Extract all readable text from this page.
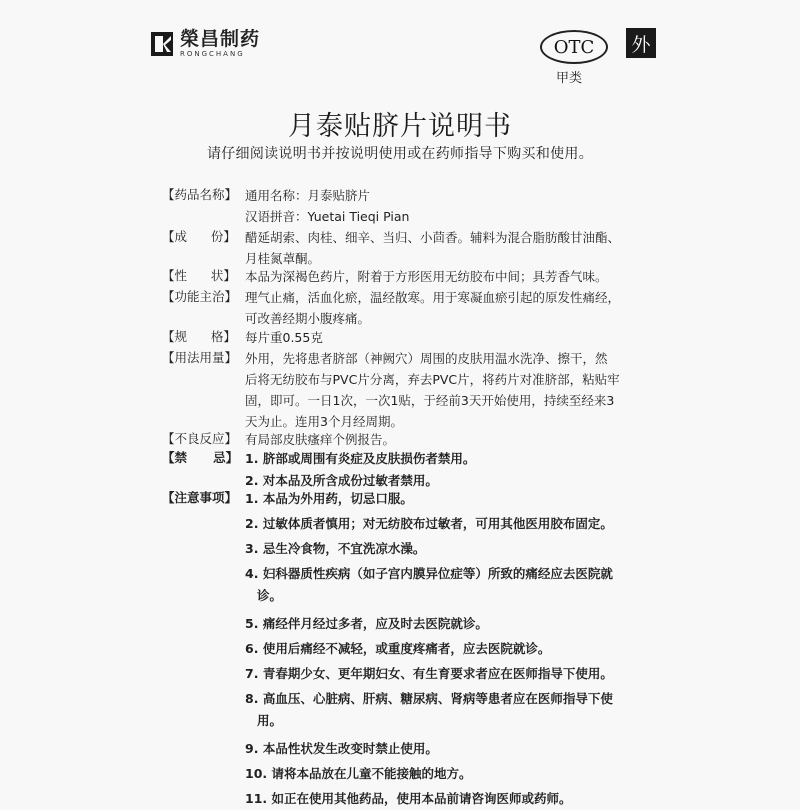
榮昌制药
RONGCHANG	OTC
甲类
外
月泰贴脐片说明书
请仔细阅读说明书并按说明使用或在药师指导下购买和使用。
【药品名称】 通用名称：月泰贴脐片
汉语拼音：Yuetai Tieqi Pian
【成      份】 醋延胡索、肉桂、细辛、当归、小茴香。辅料为混合脂肪酸甘油酯、
月桂氮䓬酮。
【性      状】 本品为深褐色药片，附着于方形医用无纺胶布中间；具芳香气味。
【功能主治】 理气止痛，活血化瘀，温经散寒。用于寒凝血瘀引起的原发性痛经，
可改善经期小腹疼痛。
【规      格】 每片重0.55克
【用法用量】 外用，先将患者脐部（神阙穴）周围的皮肤用温水洗净、擦干，然
后将无纺胶布与PVC片分离，弃去PVC片，将药片对准脐部，粘贴牢
固，即可。一日1次，一次1贴，于经前3天开始使用，持续至经来3
天为止。连用3个月经周期。
【不良反应】 有局部皮肤瘙痒个例报告。
【禁      忌】 1.
脐部或周围有炎症及皮肤损伤者禁用。
2.
对本品及所含成份过敏者禁用。
【注意事项】 1.
本品为外用药，切忌口服。
2.
过敏体质者慎用；对无纺胶布过敏者，可用其他医用胶布固定。
3.
忌生冷食物，不宜洗凉水澡。
4.
妇科器质性疾病（如子宫内膜异位症等）所致的痛经应去医院就
诊。
5.
痛经伴月经过多者，应及时去医院就诊。
6.
使用后痛经不减轻，或重度疼痛者，应去医院就诊。
7.
青春期少女、更年期妇女、有生育要求者应在医师指导下使用。
8.
高血压、心脏病、肝病、糖尿病、肾病等患者应在医师指导下使
用。
9.
本品性状发生改变时禁止使用。
10.
请将本品放在儿童不能接触的地方。
11.
如正在使用其他药品，使用本品前请咨询医师或药师。
